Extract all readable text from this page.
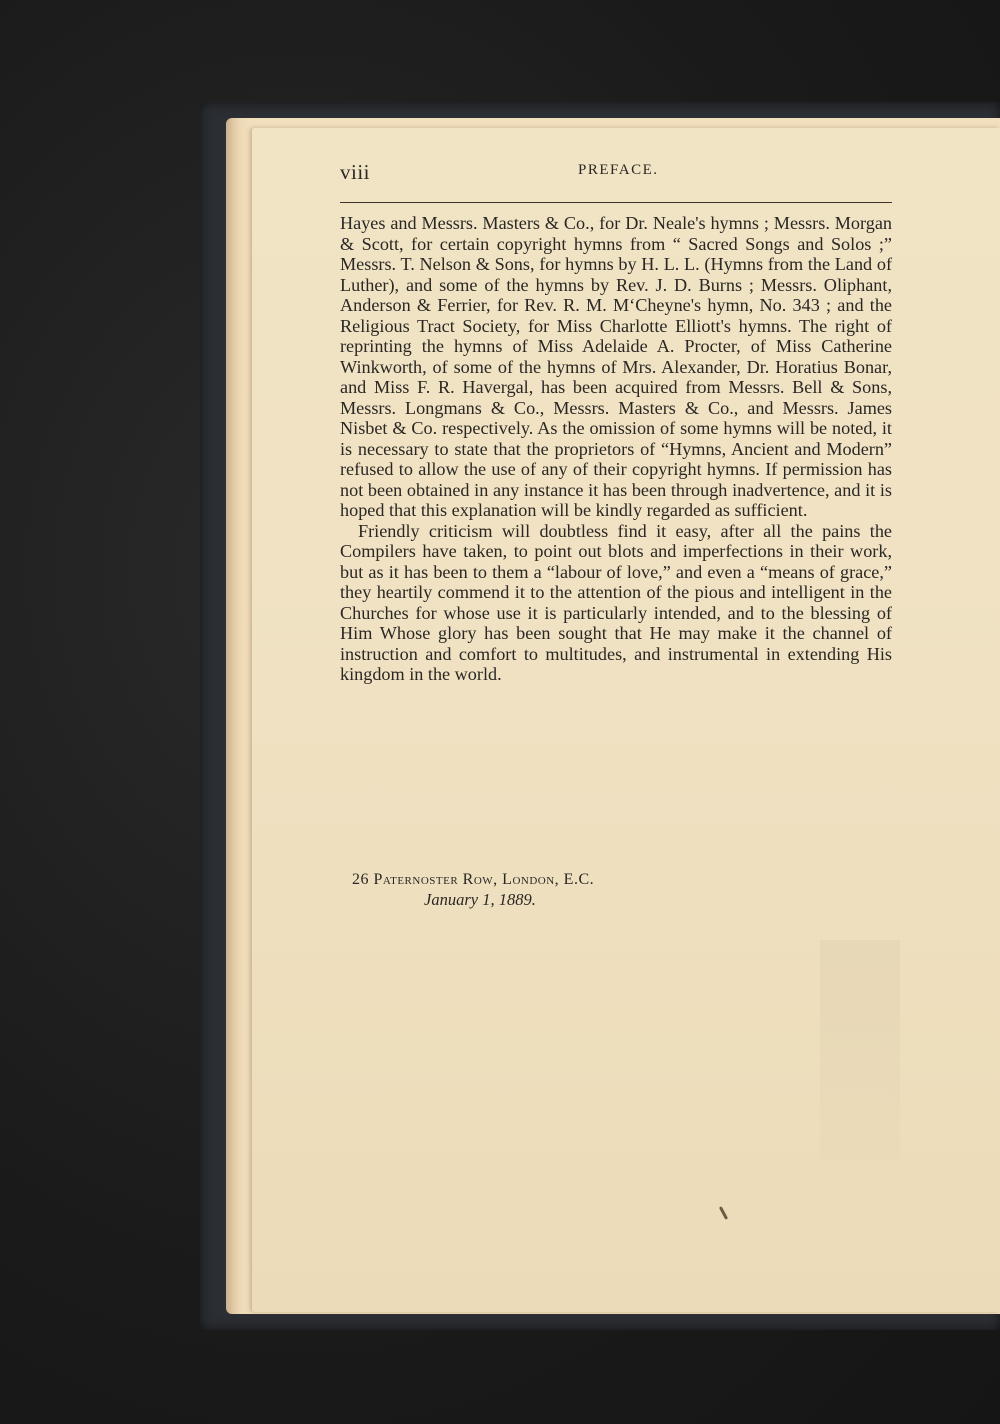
viii	PREFACE.

Hayes and Messrs. Masters & Co., for Dr. Neale's hymns ; Messrs. Morgan & Scott, for certain copyright hymns from “ Sacred Songs and Solos ;” Messrs. T. Nelson & Sons, for hymns by H. L. L. (Hymns from the Land of Luther), and some of the hymns by Rev. J. D. Burns ; Messrs. Oliphant, Anderson & Ferrier, for Rev. R. M. M‘Cheyne's hymn, No. 343 ; and the Religious Tract Society, for Miss Charlotte Elliott's hymns. The right of reprinting the hymns of Miss Adelaide A. Procter, of Miss Catherine Winkworth, of some of the hymns of Mrs. Alexander, Dr. Horatius Bonar, and Miss F. R. Havergal, has been acquired from Messrs. Bell & Sons, Messrs. Longmans & Co., Messrs. Masters & Co., and Messrs. James Nisbet & Co. respectively. As the omission of some hymns will be noted, it is necessary to state that the proprietors of “Hymns, Ancient and Modern” refused to allow the use of any of their copyright hymns. If permission has not been obtained in any instance it has been through inadvertence, and it is hoped that this explanation will be kindly regarded as sufficient.

Friendly criticism will doubtless find it easy, after all the pains the Compilers have taken, to point out blots and imperfections in their work, but as it has been to them a “labour of love,” and even a “means of grace,” they heartily commend it to the attention of the pious and intelligent in the Churches for whose use it is particularly intended, and to the blessing of Him Whose glory has been sought that He may make it the channel of instruction and comfort to multitudes, and instrumental in extending His kingdom in the world.

26 Paternoster Row, London, E.C.
January 1, 1889.
